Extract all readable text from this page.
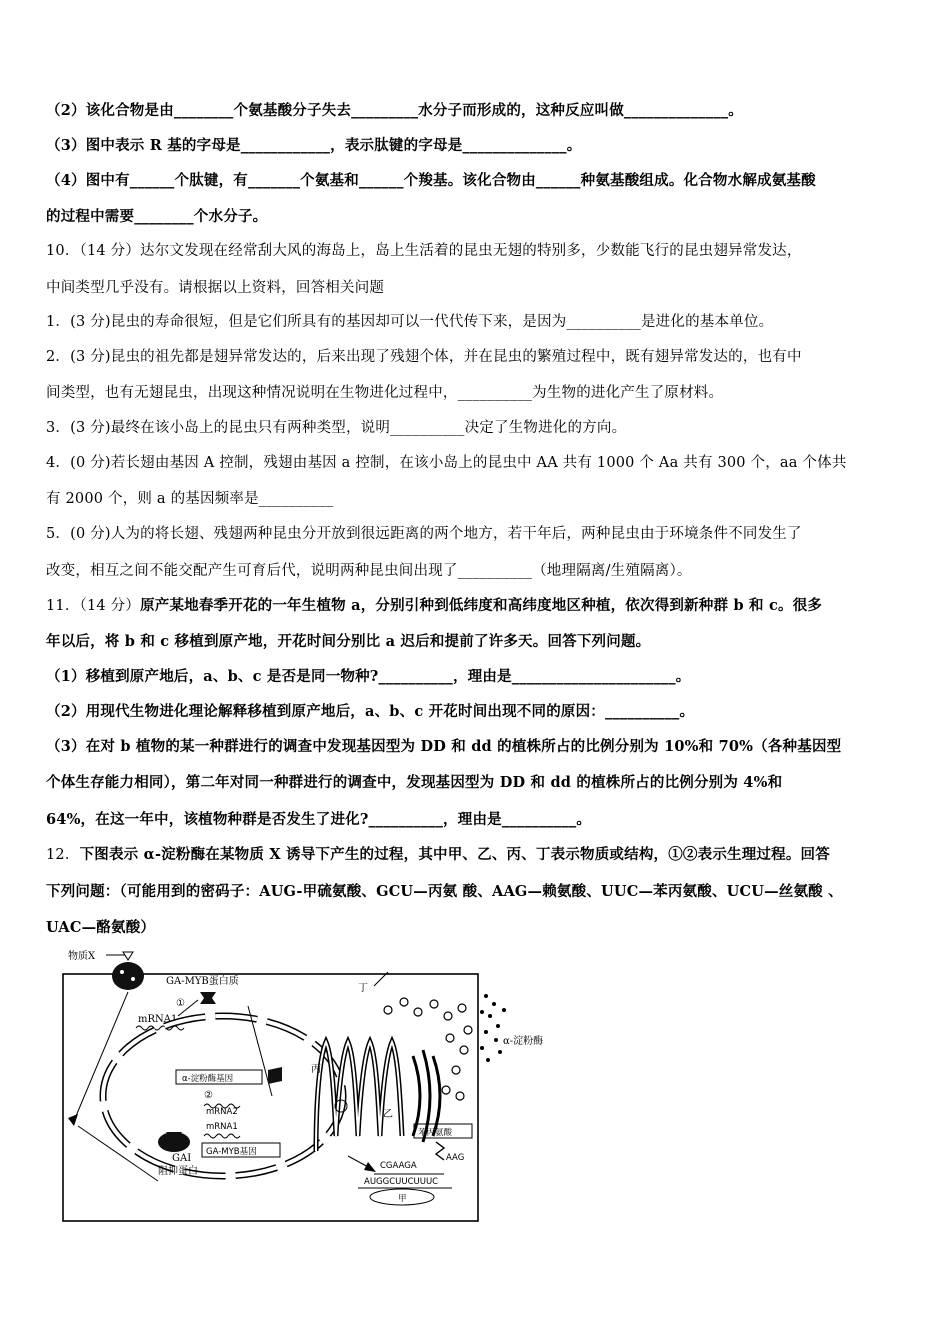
（2）该化合物是由________个氨基酸分子失去_________水分子而形成的，这种反应叫做______________。
（3）图中表示 R 基的字母是____________，表示肽键的字母是______________。
（4）图中有______个肽键，有_______个氨基和______个羧基。该化合物由______种氨基酸组成。化合物水解成氨基酸
的过程中需要________个水分子。
10．（14 分）达尔文发现在经常刮大风的海岛上，岛上生活着的昆虫无翅的特别多，少数能飞行的昆虫翅异常发达，
中间类型几乎没有。请根据以上资料，回答相关问题
1．(3 分)昆虫的寿命很短，但是它们所具有的基因却可以一代代传下来，是因为__________是进化的基本单位。
2．(3 分)昆虫的祖先都是翅异常发达的，后来出现了残翅个体，并在昆虫的繁殖过程中，既有翅异常发达的，也有中
间类型，也有无翅昆虫，出现这种情况说明在生物进化过程中，__________为生物的进化产生了原材料。
3．(3 分)最终在该小岛上的昆虫只有两种类型，说明__________决定了生物进化的方向。
4．(0 分)若长翅由基因 A 控制，残翅由基因 a 控制，在该小岛上的昆虫中 AA 共有 1000 个 Aa 共有 300 个，aa 个体共
有 2000 个，则 a 的基因频率是__________
5．(0 分)人为的将长翅、残翅两种昆虫分开放到很远距离的两个地方，若干年后，两种昆虫由于环境条件不同发生了
改变，相互之间不能交配产生可育后代，说明两种昆虫间出现了__________（地理隔离/生殖隔离）。
11．（14 分）原产某地春季开花的一年生植物 a，分别引种到低纬度和高纬度地区种植，依次得到新种群 b 和 c。很多
年以后，将 b 和 c 移植到原产地，开花时间分别比 a 迟后和提前了许多天。回答下列问题。
（1）移植到原产地后，a、b、c 是否是同一物种?__________，理由是______________________。
（2）用现代生物进化理论解释移植到原产地后，a、b、c 开花时间出现不同的原因：__________。
（3）在对 b 植物的某一种群进行的调查中发现基因型为 DD 和 dd 的植株所占的比例分别为 10%和 70%（各种基因型
个体生存能力相同），第二年对同一种群进行的调查中，发现基因型为 DD 和 dd 的植株所占的比例分别为 4%和
64%，在这一年中，该植物种群是否发生了进化?__________，理由是__________。
12．下图表示 α-淀粉酶在某物质 X 诱导下产生的过程，其中甲、乙、丙、丁表示物质或结构，①②表示生理过程。回答
下列问题：（可能用到的密码子：AUG-甲硫氨酸、GCU—丙氨 酸、AAG—赖氨酸、UUC—苯丙氨酸、UCU—丝氨酸 、
UAC—酪氨酸）
物质X
GA-MYB蛋白质
①
mRNA1
α-淀粉酶基因
②
mRNA2
mRNA1
GA-MYB基因
GAI
阻抑蛋白
丙
乙
α-淀粉酶
丁
苯丙氨酸
AAG
CGAAGA
AUGGCUUCUUUC
甲
